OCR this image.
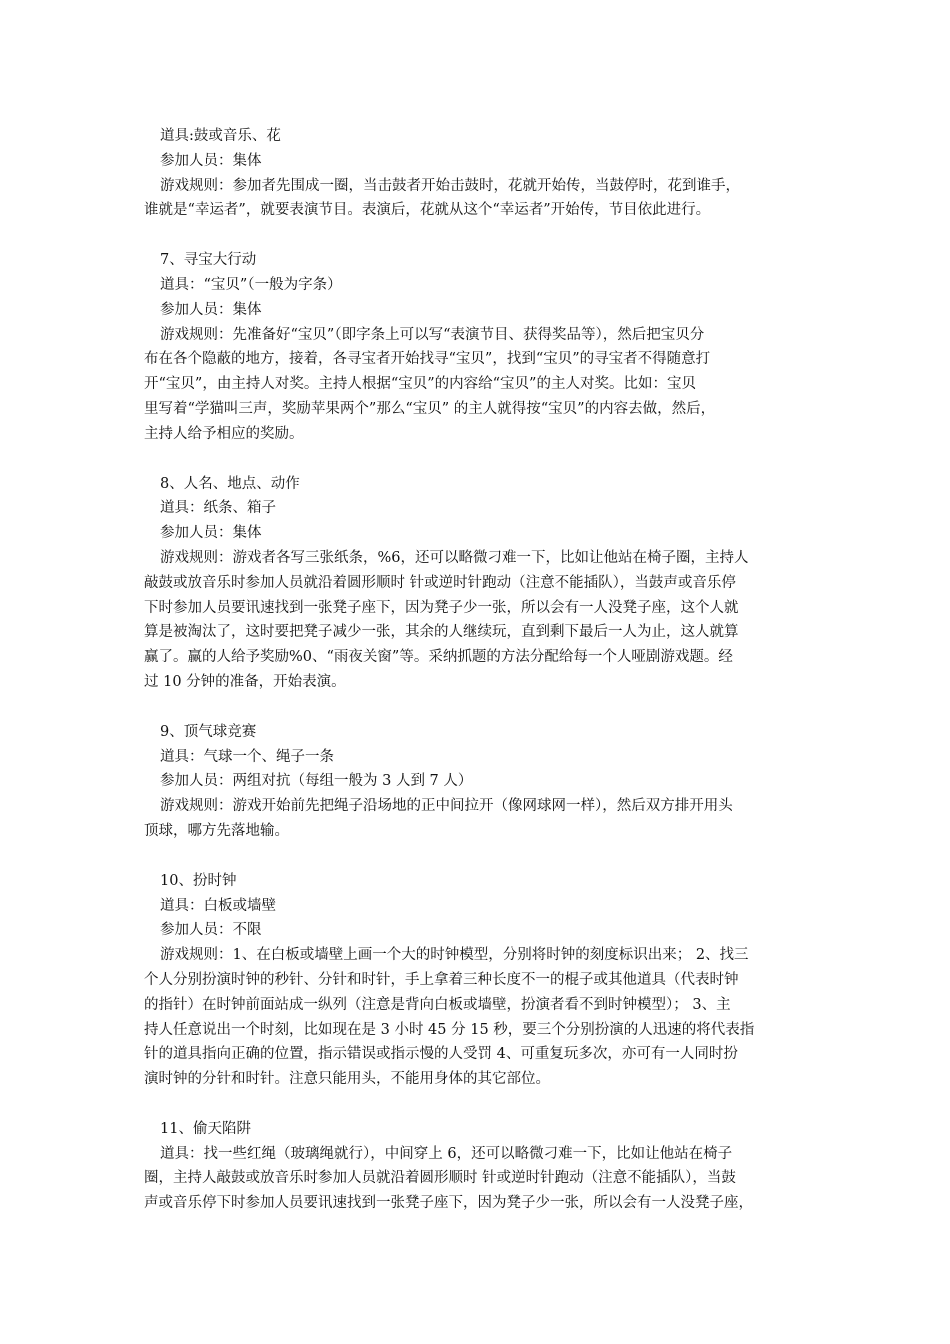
道具:鼓或音乐、花
参加人员：集体
游戏规则：参加者先围成一圈，当击鼓者开始击鼓时，花就开始传，当鼓停时，花到谁手，
谁就是“幸运者”，就要表演节目。表演后，花就从这个“幸运者”开始传，节目依此进行。
7、寻宝大行动
道具：“宝贝”（一般为字条）
参加人员：集体
游戏规则：先准备好“宝贝”（即字条上可以写“表演节目、获得奖品等），然后把宝贝分
布在各个隐蔽的地方，接着，各寻宝者开始找寻“宝贝”，找到“宝贝”的寻宝者不得随意打
开“宝贝”，由主持人对奖。主持人根据“宝贝”的内容给“宝贝”的主人对奖。比如：宝贝
里写着“学猫叫三声，奖励苹果两个”那么“宝贝” 的主人就得按“宝贝”的内容去做，然后，
主持人给予相应的奖励。
8、人名、地点、动作
道具：纸条、箱子
参加人员：集体
游戏规则：游戏者各写三张纸条，%6，还可以略微刁难一下，比如让他站在椅子圈，主持人
敲鼓或放音乐时参加人员就沿着圆形顺时 针或逆时针跑动（注意不能插队），当鼓声或音乐停
下时参加人员要讯速找到一张凳子座下，因为凳子少一张，所以会有一人没凳子座，这个人就
算是被淘汰了，这时要把凳子减少一张，其余的人继续玩，直到剩下最后一人为止，这人就算
赢了。赢的人给予奖励%0、“雨夜关窗”等。采纳抓题的方法分配给每一个人哑剧游戏题。经
过 10 分钟的准备，开始表演。
9、顶气球竞赛
道具：气球一个、绳子一条
参加人员：两组对抗（每组一般为 3 人到 7 人）
游戏规则：游戏开始前先把绳子沿场地的正中间拉开（像网球网一样），然后双方排开用头
顶球，哪方先落地输。
10、扮时钟
道具：白板或墙壁
参加人员：不限
游戏规则：1、在白板或墙壁上画一个大的时钟模型，分别将时钟的刻度标识出来； 2、找三
个人分别扮演时钟的秒针、分针和时针，手上拿着三种长度不一的棍子或其他道具（代表时钟
的指针）在时钟前面站成一纵列（注意是背向白板或墙壁，扮演者看不到时钟模型）； 3、主
持人任意说出一个时刻，比如现在是 3 小时 45 分 15 秒，要三个分别扮演的人迅速的将代表指
针的道具指向正确的位置，指示错误或指示慢的人受罚 4、可重复玩多次，亦可有一人同时扮
演时钟的分针和时针。注意只能用头，不能用身体的其它部位。
11、偷天陷阱
道具：找一些红绳（玻璃绳就行），中间穿上 6，还可以略微刁难一下，比如让他站在椅子
圈，主持人敲鼓或放音乐时参加人员就沿着圆形顺时 针或逆时针跑动（注意不能插队），当鼓
声或音乐停下时参加人员要讯速找到一张凳子座下，因为凳子少一张，所以会有一人没凳子座，
